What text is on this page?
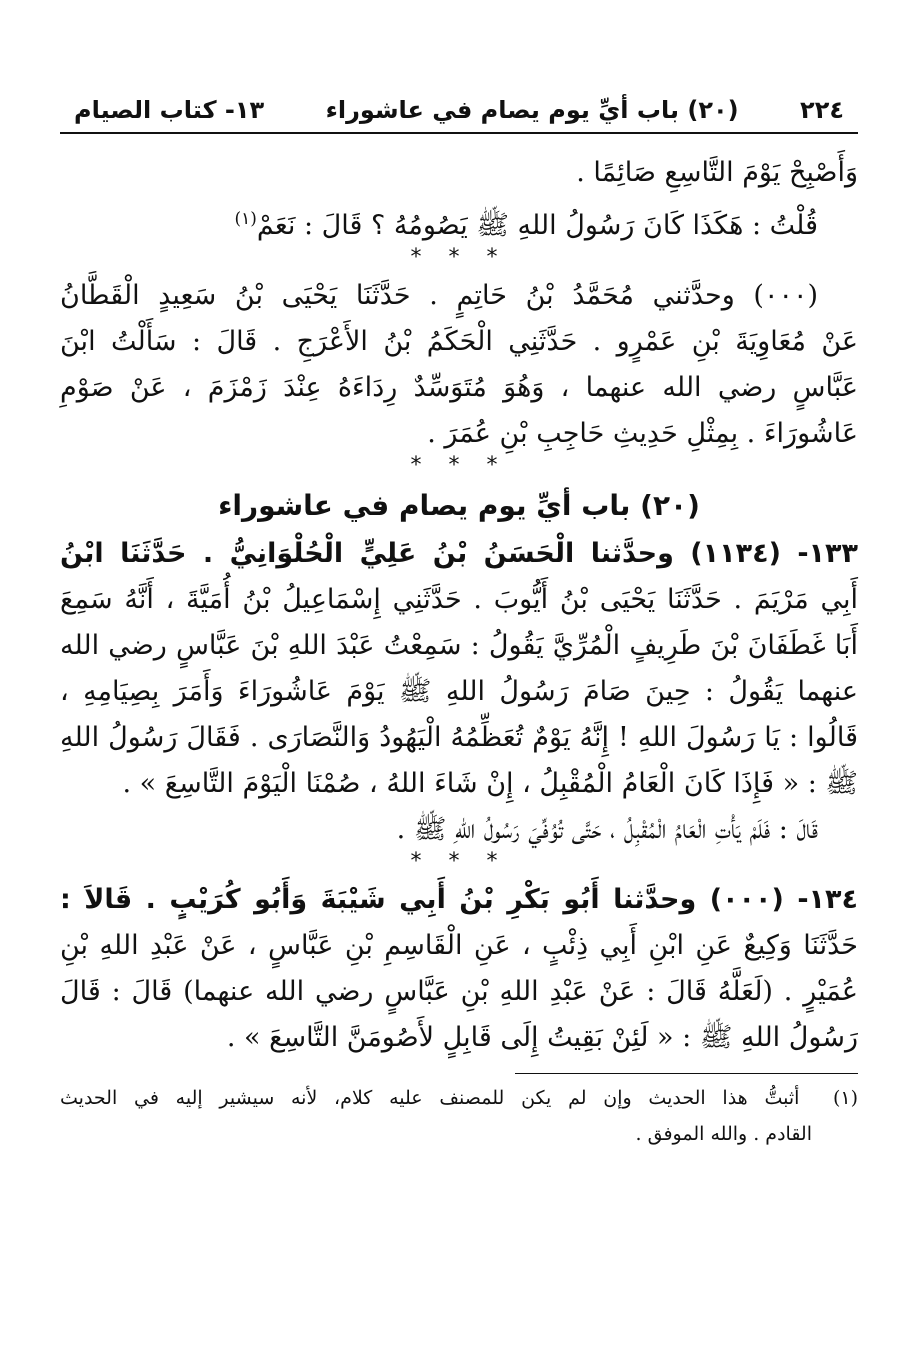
٢٢٤
(٢٠) باب أيِّ يوم يصام في عاشوراء
١٣- كتاب الصيام

وَأَصْبِحْ يَوْمَ التَّاسِعِ صَائِمًا .

قُلْتُ : هَكَذَا كَانَ رَسُولُ اللهِ ﷺ يَصُومُهُ ؟ قَالَ : نَعَمْ$^{(١)}$

* * *

(٠٠٠) وحدَّثني مُحَمَّدُ بْنُ حَاتِمٍ . حَدَّثَنَا يَحْيَى بْنُ سَعِيدٍ الْقَطَّانُ

عَنْ مُعَاوِيَةَ بْنِ عَمْرٍو . حَدَّثَنِي الْحَكَمُ بْنُ الأَعْرَجِ . قَالَ : سَأَلْتُ ابْنَ

عَبَّاسٍ رضي الله عنهما ، وَهُوَ مُتَوَسِّدٌ رِدَاءَهُ عِنْدَ زَمْزَمَ ، عَنْ صَوْمِ

عَاشُورَاءَ . بِمِثْلِ حَدِيثِ حَاجِبِ بْنِ عُمَرَ .

* * *
(٢٠) باب أيِّ يوم يصام في عاشوراء

١٣٣- (١١٣٤) وحدَّثنا الْحَسَنُ بْنُ عَلِيٍّ الْحُلْوَانِيُّ . حَدَّثَنَا ابْنُ

أَبِي مَرْيَمَ . حَدَّثَنَا يَحْيَى بْنُ أَيُّوبَ . حَدَّثَنِي إِسْمَاعِيلُ بْنُ أُمَيَّةَ ، أَنَّهُ سَمِعَ

أَبَا غَطَفَانَ بْنَ طَرِيفٍ الْمُرِّيَّ يَقُولُ : سَمِعْتُ عَبْدَ اللهِ بْنَ عَبَّاسٍ رضي الله

عنهما يَقُولُ : حِينَ صَامَ رَسُولُ اللهِ ﷺ يَوْمَ عَاشُورَاءَ وَأَمَرَ بِصِيَامِهِ ،

قَالُوا : يَا رَسُولَ اللهِ ! إِنَّهُ يَوْمٌ تُعَظِّمُهُ الْيَهُودُ وَالنَّصَارَى . فَقَالَ رَسُولُ اللهِ

ﷺ : « فَإِذَا كَانَ الْعَامُ الْمُقْبِلُ ، إِنْ شَاءَ اللهُ ، صُمْنَا الْيَوْمَ التَّاسِعَ » .

قَالَ : فَلَمْ يَأْتِ الْعَامُ الْمُقْبِلُ ، حَتَّى تُوُفِّيَ رَسُولُ اللهِ ﷺ .

* * *

١٣٤- (٠٠٠) وحدَّثنا أَبُو بَكْرِ بْنُ أَبِي شَيْبَةَ وَأَبُو كُرَيْبٍ . قَالاَ :

حَدَّثَنَا وَكِيعٌ عَنِ ابْنِ أَبِي ذِئْبٍ ، عَنِ الْقَاسِمِ بْنِ عَبَّاسٍ ، عَنْ عَبْدِ اللهِ بْنِ

عُمَيْرٍ . (لَعَلَّهُ قَالَ : عَنْ عَبْدِ اللهِ بْنِ عَبَّاسٍ رضي الله عنهما) قَالَ : قَالَ

رَسُولُ اللهِ ﷺ : « لَئِنْ بَقِيتُ إِلَى قَابِلٍ لأَصُومَنَّ التَّاسِعَ » .

(١)  أثبتُّ هذا الحديث وإن لم يكن للمصنف عليه كلام، لأنه سيشير إليه في الحديث

القادم . والله الموفق .
